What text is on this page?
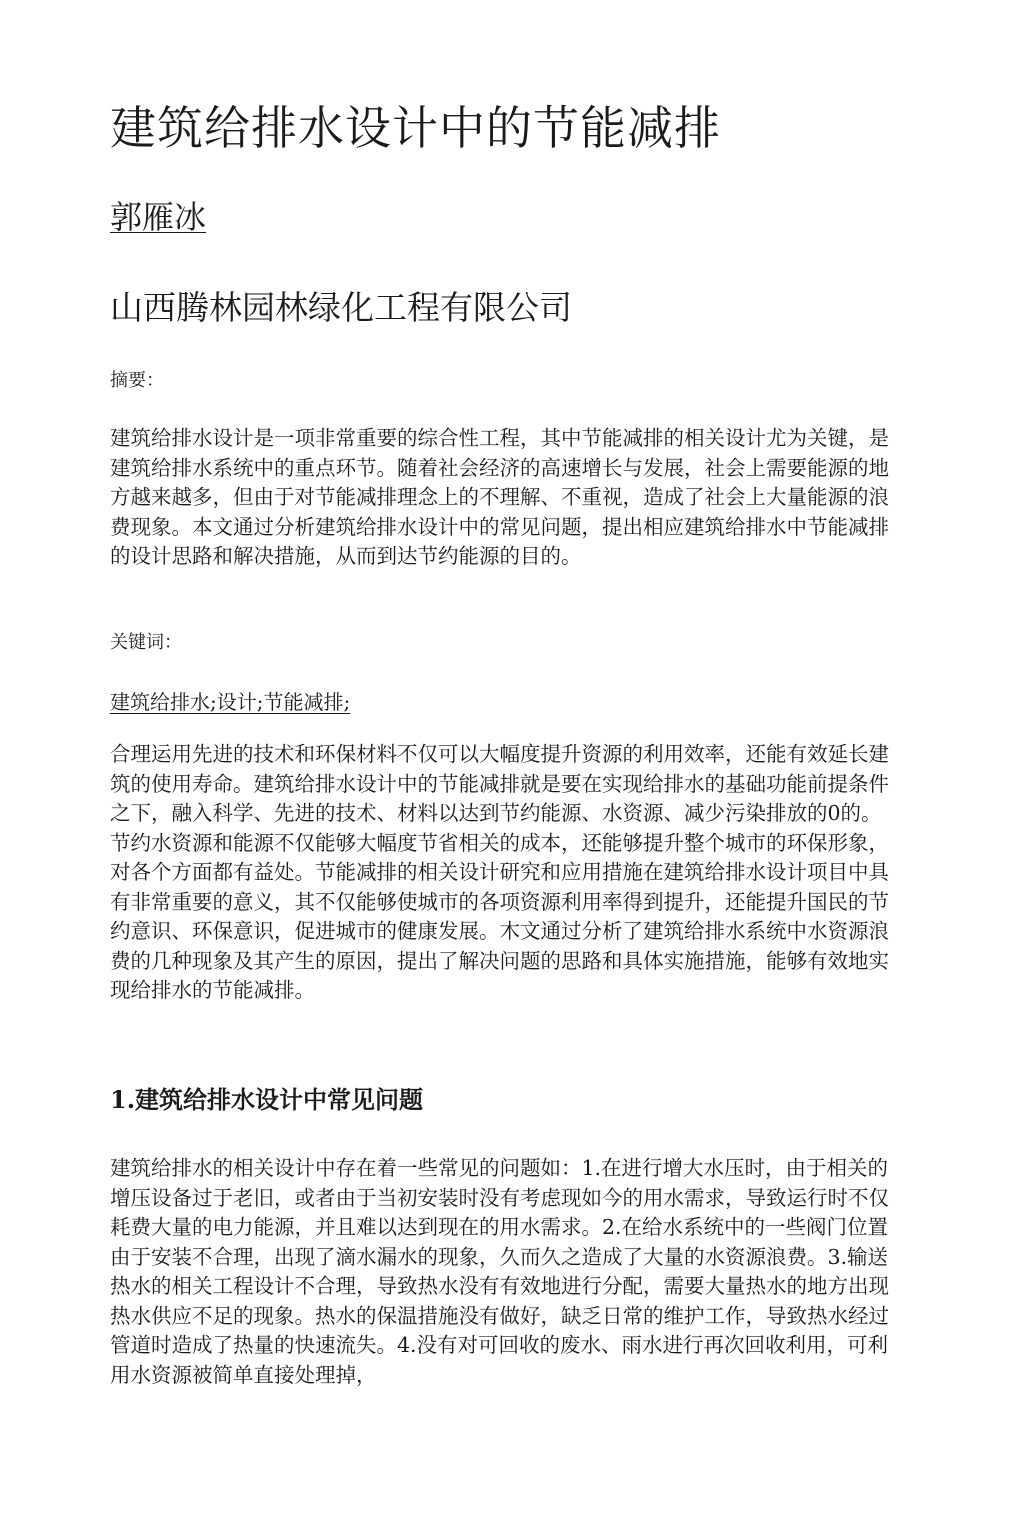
建筑给排水设计中的节能减排

郭雁冰

山西腾林园林绿化工程有限公司

摘要：

建筑给排水设计是一项非常重要的综合性工程，其中节能减排的相关设计尤为关键，是建筑给排水系统中的重点环节。随着社会经济的高速增长与发展，社会上需要能源的地方越来越多，但由于对节能减排理念上的不理解、不重视，造成了社会上大量能源的浪费现象。本文通过分析建筑给排水设计中的常见问题，提出相应建筑给排水中节能减排的设计思路和解决措施，从而到达节约能源的目的。

关键词：

建筑给排水;设计;节能减排;

合理运用先进的技术和环保材料不仅可以大幅度提升资源的利用效率，还能有效延长建筑的使用寿命。建筑给排水设计中的节能减排就是要在实现给排水的基础功能前提条件之下，融入科学、先进的技术、材料以达到节约能源、水资源、减少污染排放的0的。节约水资源和能源不仅能够大幅度节省相关的成本，还能够提升整个城市的环保形象，对各个方面都有益处。节能减排的相关设计研究和应用措施在建筑给排水设计项目中具有非常重要的意义，其不仅能够使城市的各项资源利用率得到提升，还能提升国民的节约意识、环保意识，促进城市的健康发展。木文通过分析了建筑给排水系统中水资源浪费的几种现象及其产生的原因，提出了解决问题的思路和具体实施措施，能够有效地实现给排水的节能减排。

1.建筑给排水设计中常见问题

建筑给排水的相关设计中存在着一些常见的问题如：1.在进行增大水压时，由于相关的增压设备过于老旧，或者由于当初安装时没有考虑现如今的用水需求，导致运行时不仅耗费大量的电力能源，并且难以达到现在的用水需求。2.在给水系统中的一些阀门位置由于安装不合理，出现了滴水漏水的现象，久而久之造成了大量的水资源浪费。3.输送热水的相关工程设计不合理，导致热水没有有效地进行分配，需要大量热水的地方出现热水供应不足的现象。热水的保温措施没有做好，缺乏日常的维护工作，导致热水经过管道时造成了热量的快速流失。4.没有对可回收的废水、雨水进行再次回收利用，可利用水资源被简单直接处理掉，
